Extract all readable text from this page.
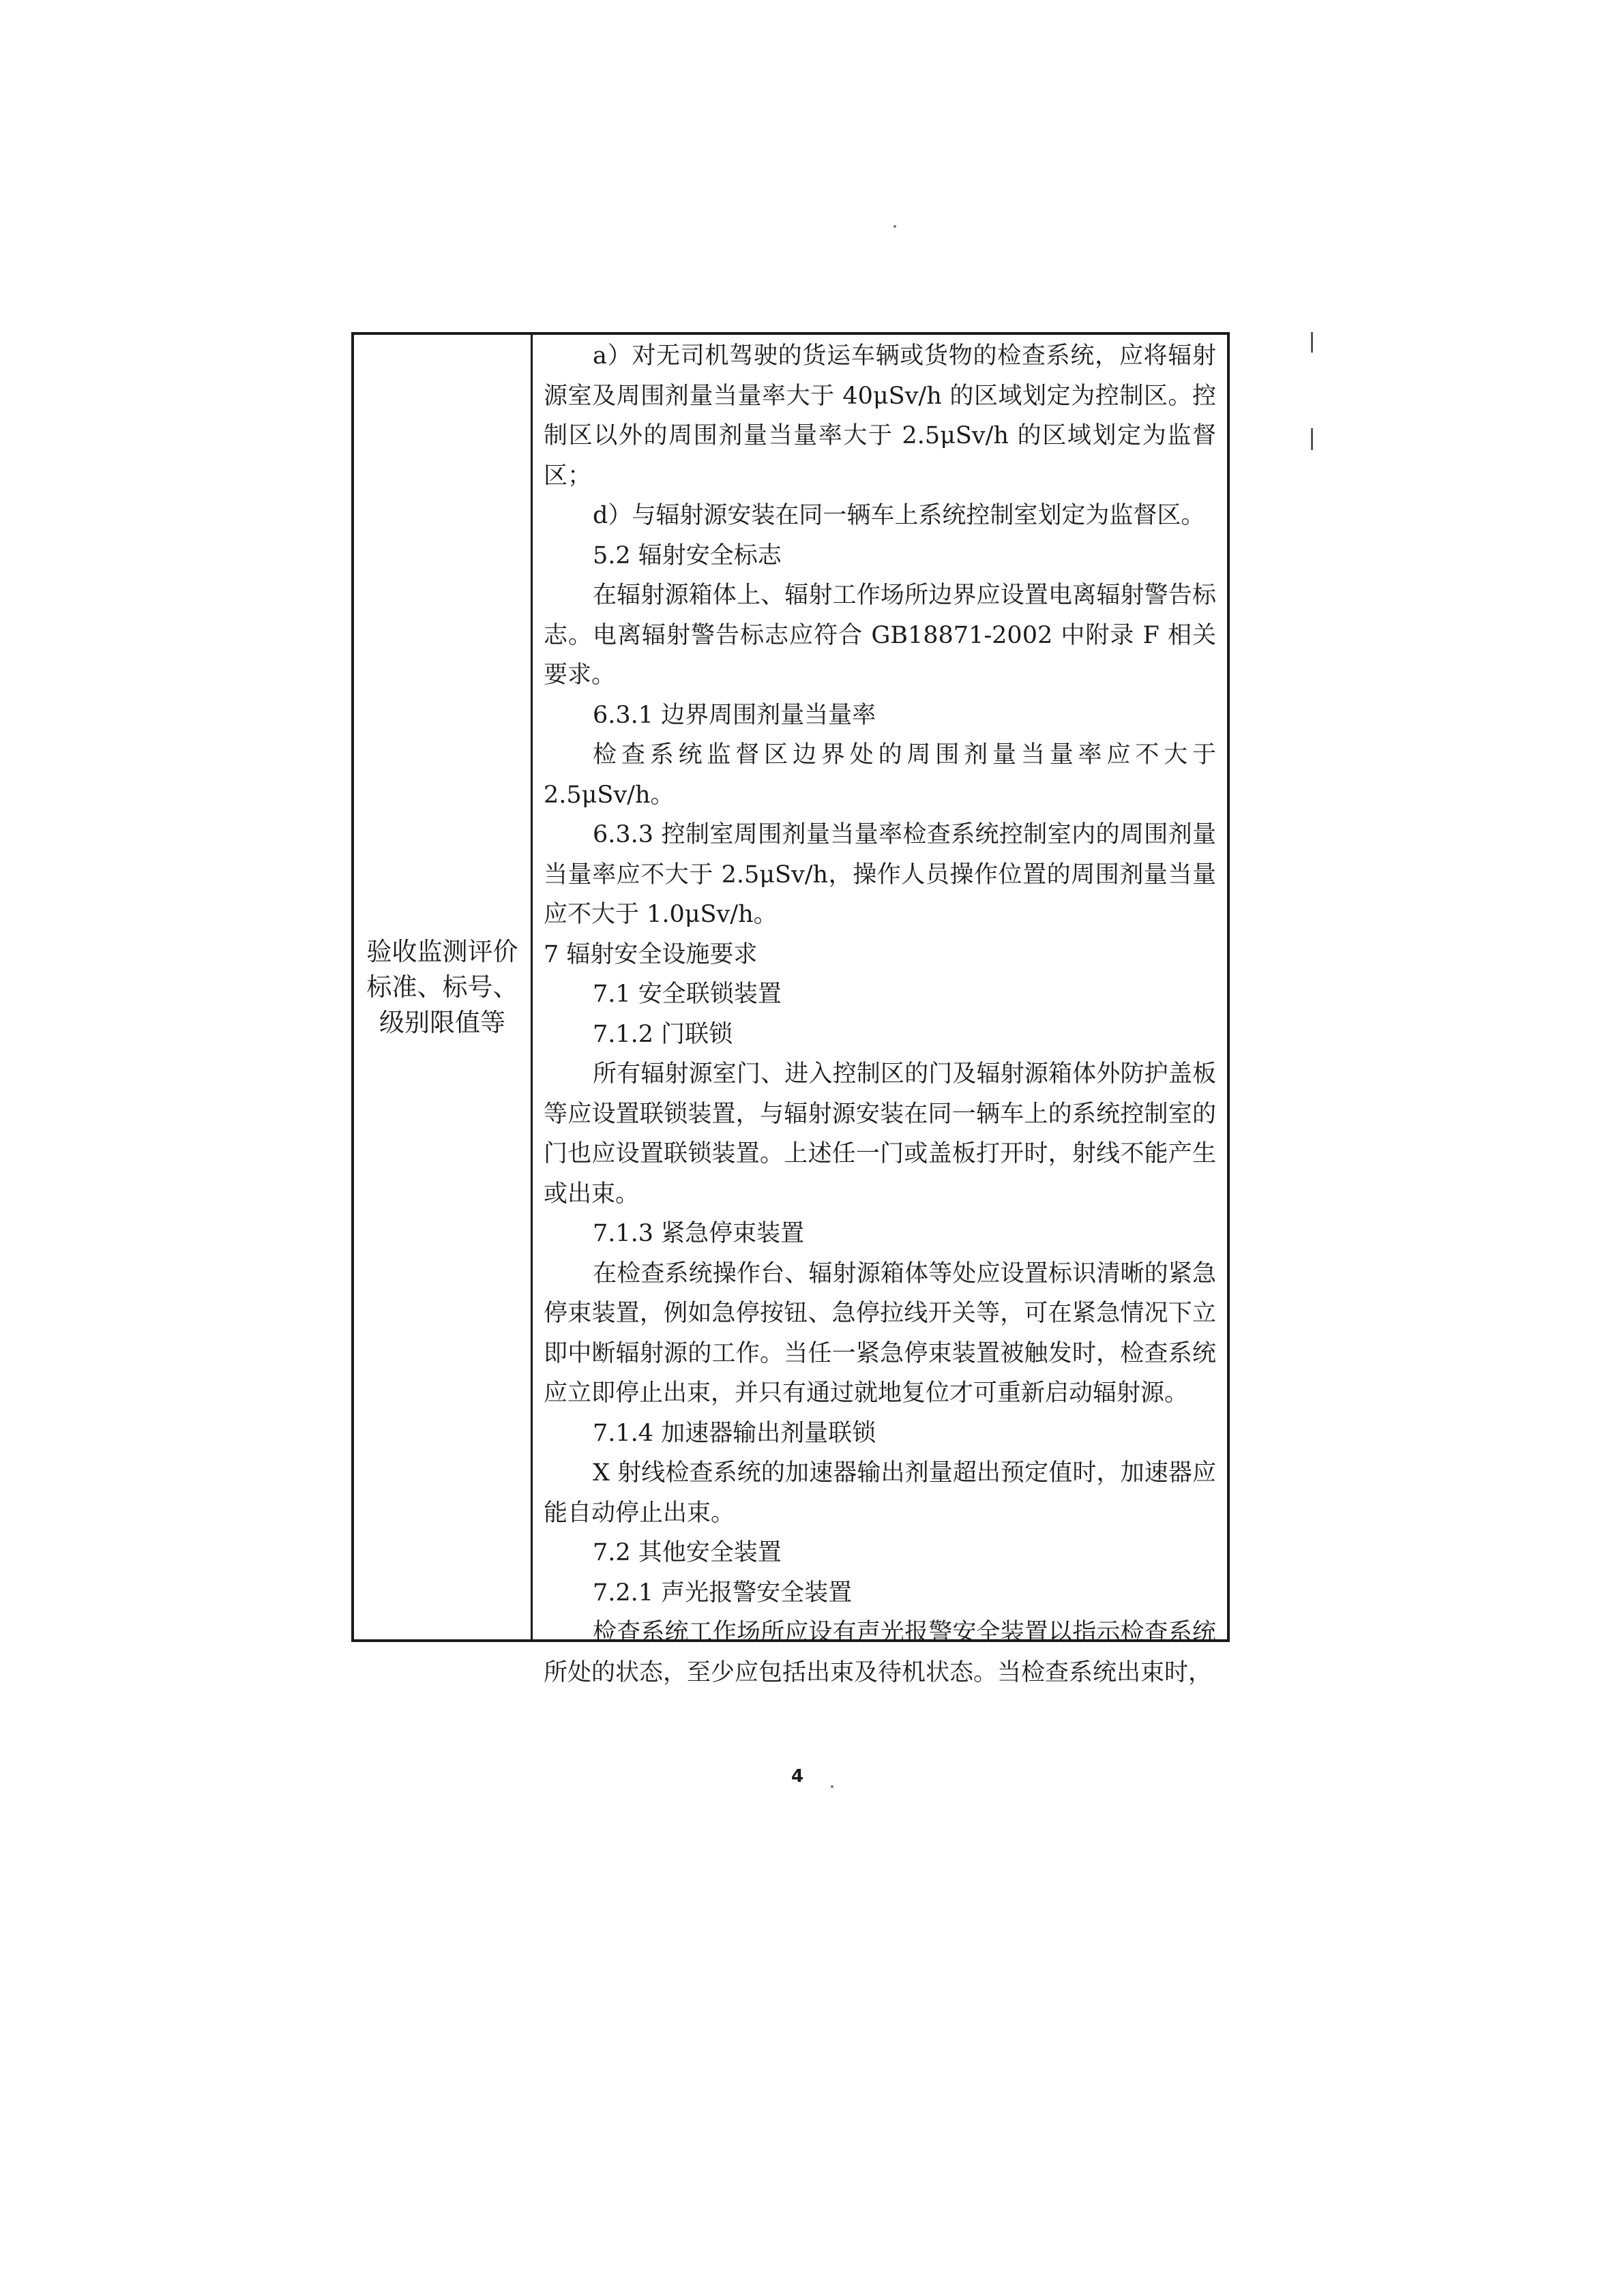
验收监测评价
标准、标号、
级别限值等

a）对无司机驾驶的货运车辆或货物的检查系统，应将辐射源室及周围剂量当量率大于 40μSv/h 的区域划定为控制区。控制区以外的周围剂量当量率大于 2.5μSv/h 的区域划定为监督区；

d）与辐射源安装在同一辆车上系统控制室划定为监督区。

5.2 辐射安全标志

在辐射源箱体上、辐射工作场所边界应设置电离辐射警告标志。电离辐射警告标志应符合 GB18871-2002 中附录 F 相关要求。

6.3.1 边界周围剂量当量率

检查系统监督区边界处的周围剂量当量率应不大于 2.5μSv/h。

6.3.3 控制室周围剂量当量率检查系统控制室内的周围剂量当量率应不大于 2.5μSv/h，操作人员操作位置的周围剂量当量应不大于 1.0μSv/h。

7 辐射安全设施要求

7.1 安全联锁装置

7.1.2 门联锁

所有辐射源室门、进入控制区的门及辐射源箱体外防护盖板等应设置联锁装置，与辐射源安装在同一辆车上的系统控制室的门也应设置联锁装置。上述任一门或盖板打开时，射线不能产生或出束。

7.1.3 紧急停束装置

在检查系统操作台、辐射源箱体等处应设置标识清晰的紧急停束装置，例如急停按钮、急停拉线开关等，可在紧急情况下立即中断辐射源的工作。当任一紧急停束装置被触发时，检查系统应立即停止出束，并只有通过就地复位才可重新启动辐射源。

7.1.4 加速器输出剂量联锁

X 射线检查系统的加速器输出剂量超出预定值时，加速器应能自动停止出束。

7.2 其他安全装置

7.2.1 声光报警安全装置

检查系统工作场所应设有声光报警安全装置以指示检查系统所处的状态，至少应包括出束及待机状态。当检查系统出束时，

4
